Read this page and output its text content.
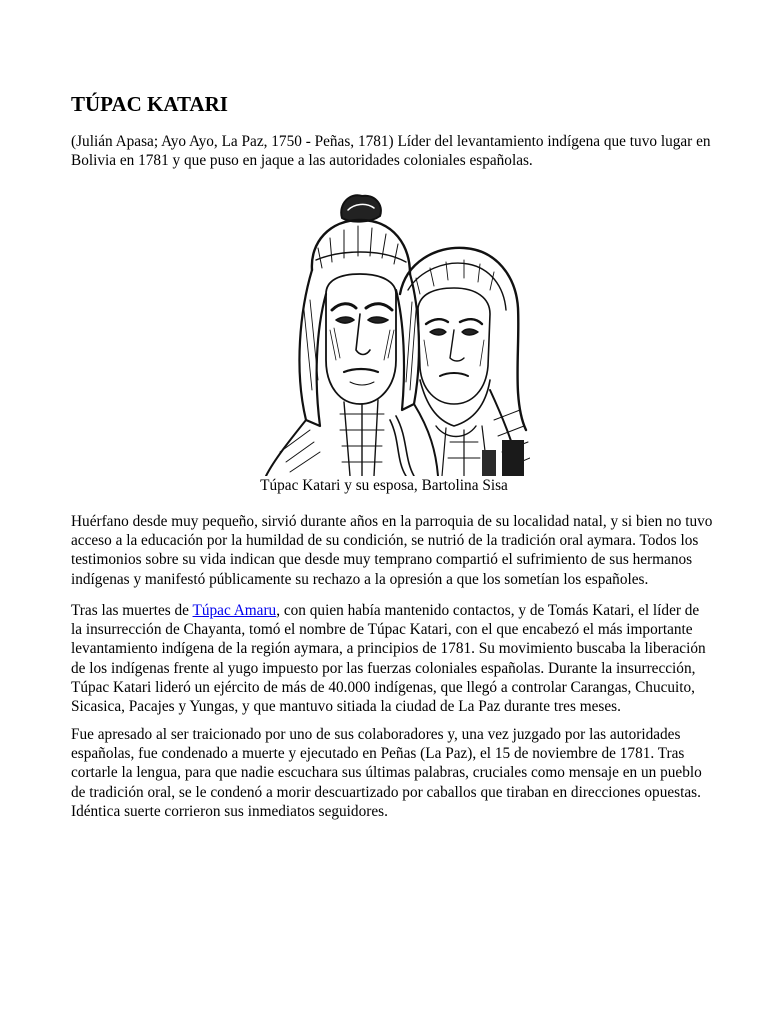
TÚPAC KATARI

(Julián Apasa; Ayo Ayo, La Paz, 1750 - Peñas, 1781) Líder del levantamiento indígena que tuvo lugar en Bolivia en 1781 y que puso en jaque a las autoridades coloniales españolas.

Túpac Katari y su esposa, Bartolina Sisa

Huérfano desde muy pequeño, sirvió durante años en la parroquia de su localidad natal, y si bien no tuvo acceso a la educación por la humildad de su condición, se nutrió de la tradición oral aymara. Todos los testimonios sobre su vida indican que desde muy temprano compartió el sufrimiento de sus hermanos indígenas y manifestó públicamente su rechazo a la opresión a que los sometían los españoles.

Tras las muertes de Túpac Amaru, con quien había mantenido contactos, y de Tomás Katari, el líder de la insurrección de Chayanta, tomó el nombre de Túpac Katari, con el que encabezó el más importante levantamiento indígena de la región aymara, a principios de 1781. Su movimiento buscaba la liberación de los indígenas frente al yugo impuesto por las fuerzas coloniales españolas. Durante la insurrección, Túpac Katari lideró un ejército de más de 40.000 indígenas, que llegó a controlar Carangas, Chucuito, Sicasica, Pacajes y Yungas, y que mantuvo sitiada la ciudad de La Paz durante tres meses.

Fue apresado al ser traicionado por uno de sus colaboradores y, una vez juzgado por las autoridades españolas, fue condenado a muerte y ejecutado en Peñas (La Paz), el 15 de noviembre de 1781. Tras cortarle la lengua, para que nadie escuchara sus últimas palabras, cruciales como mensaje en un pueblo de tradición oral, se le condenó a morir descuartizado por caballos que tiraban en direcciones opuestas. Idéntica suerte corrieron sus inmediatos seguidores.
